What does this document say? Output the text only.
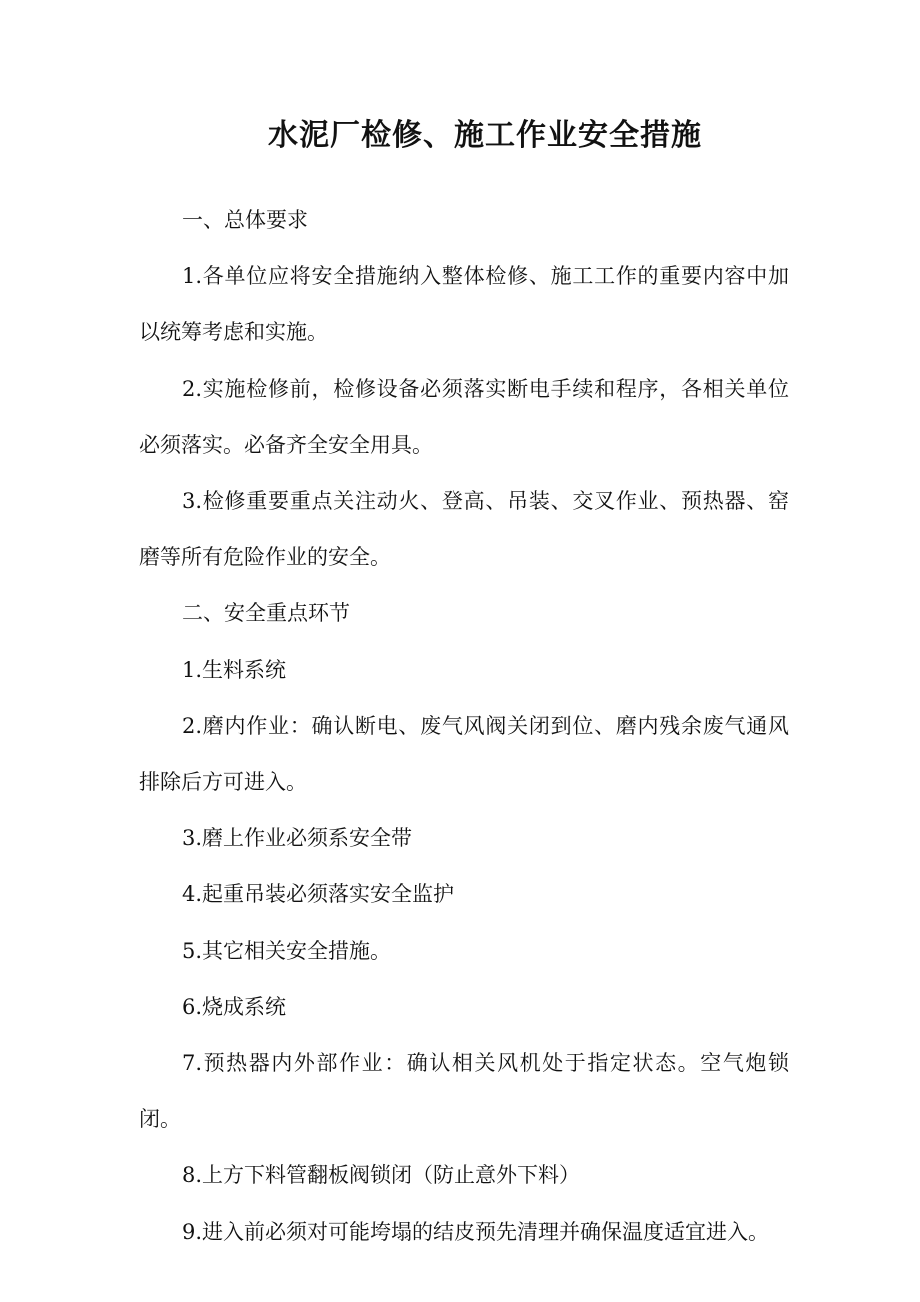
水泥厂检修、施工作业安全措施

一、总体要求

1.各单位应将安全措施纳入整体检修、施工工作的重要内容中加以统筹考虑和实施。

2.实施检修前，检修设备必须落实断电手续和程序，各相关单位必须落实。必备齐全安全用具。

3.检修重要重点关注动火、登高、吊装、交叉作业、预热器、窑磨等所有危险作业的安全。

二、安全重点环节

1.生料系统

2.磨内作业：确认断电、废气风阀关闭到位、磨内残余废气通风排除后方可进入。

3.磨上作业必须系安全带

4.起重吊装必须落实安全监护

5.其它相关安全措施。

6.烧成系统

7.预热器内外部作业：确认相关风机处于指定状态。空气炮锁闭。

8.上方下料管翻板阀锁闭（防止意外下料）

9.进入前必须对可能垮塌的结皮预先清理并确保温度适宜进入。
